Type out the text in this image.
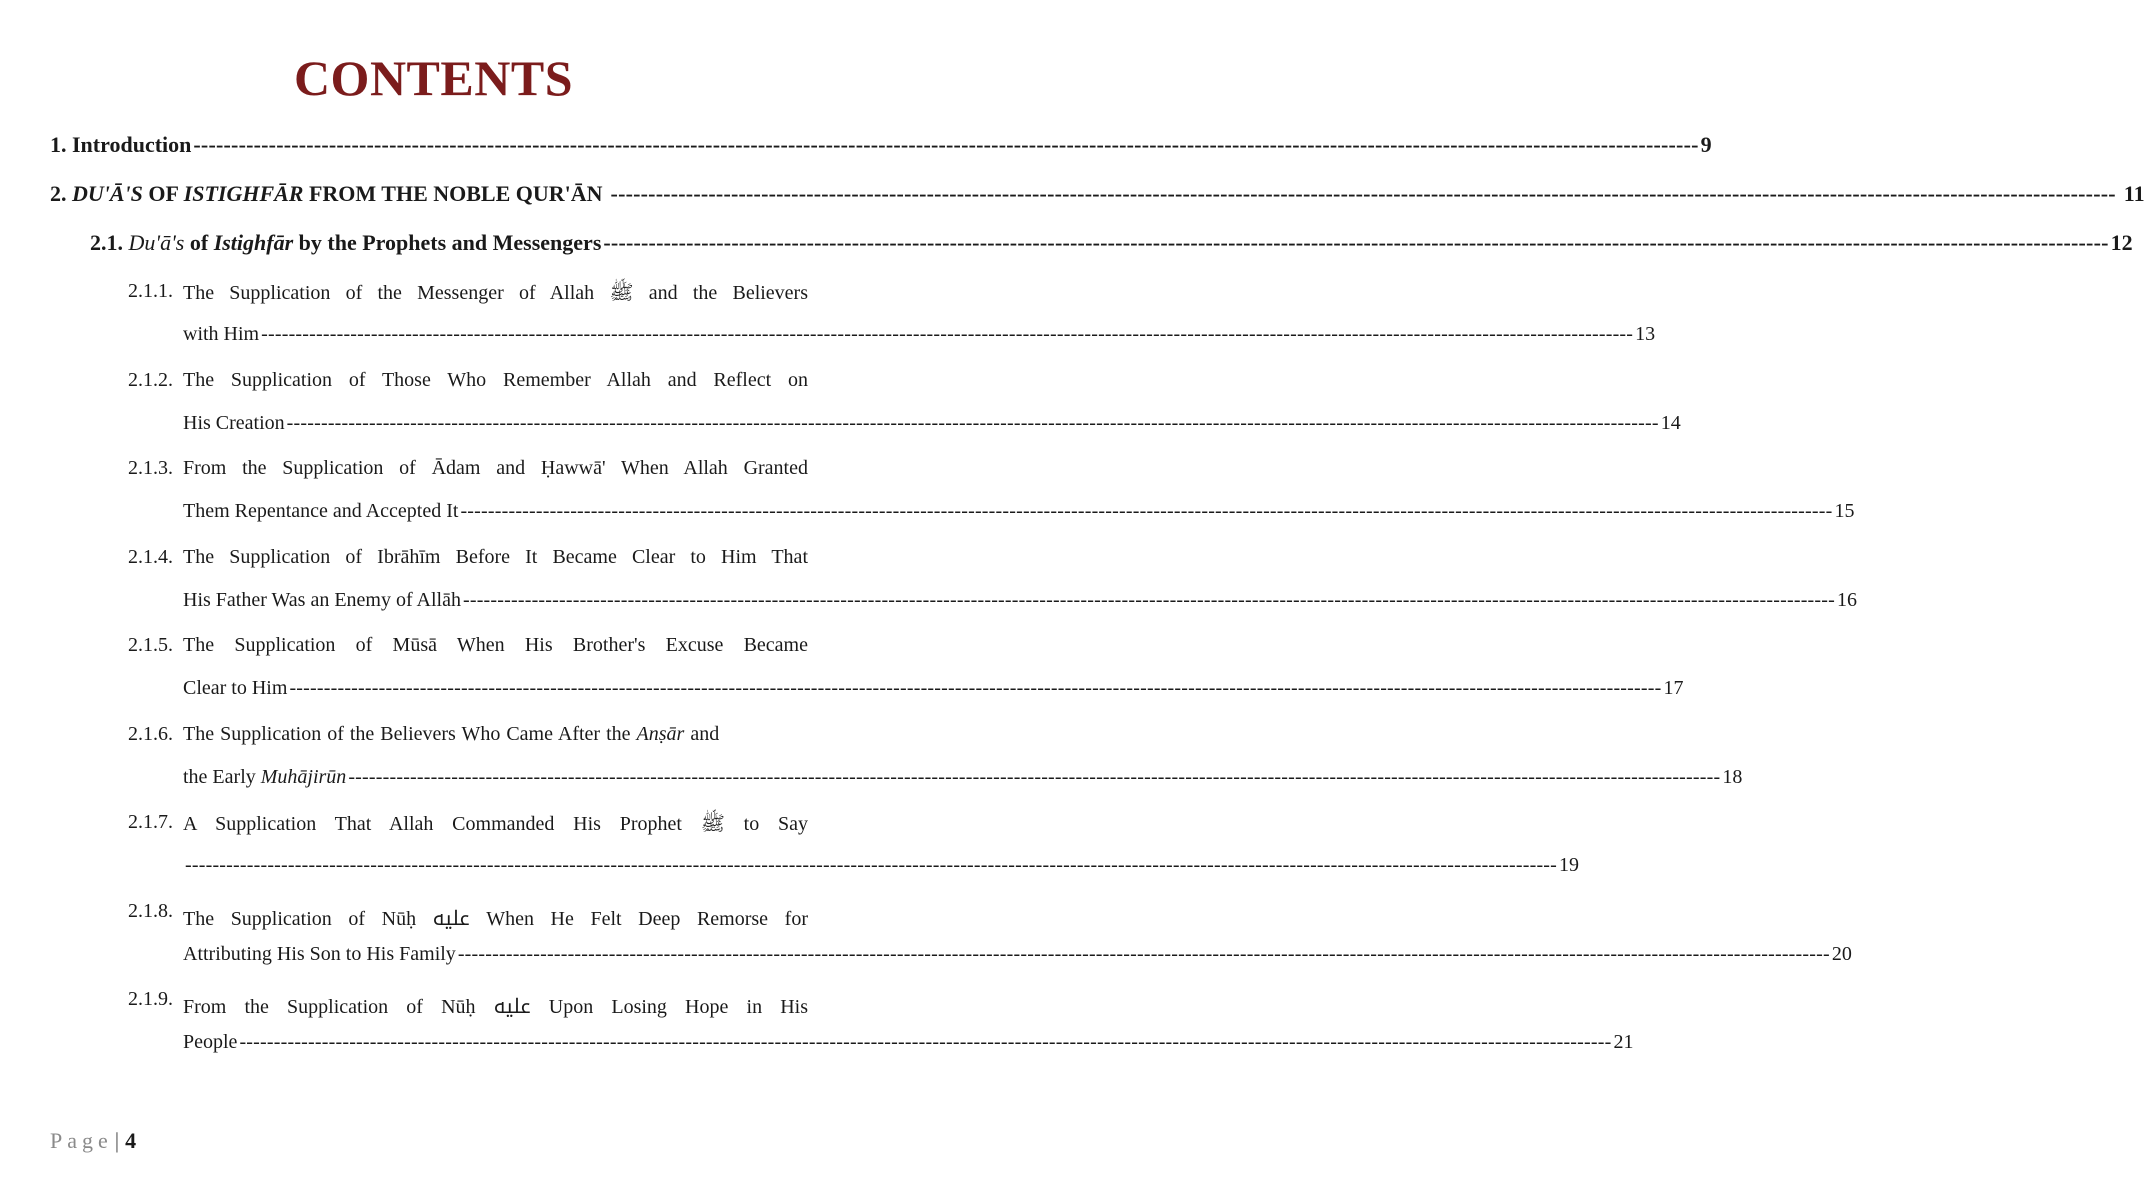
CONTENTS
1.
Introduction -------------------------------------------------------------------------------------------------------------------------------------------------------------------------------------------------------- 9
2.
DU'Ā'S OF ISTIGHFĀR FROM THE NOBLE QUR'ĀN -------------------------------------------------------------------------------------------------------------------------------------------------------------------------------------------------------- 11
2.1.
Du'ā's of Istighfār by the Prophets and Messengers -------------------------------------------------------------------------------------------------------------------------------------------------------------------------------------------------------- 12
2.1.1. The Supplication of the Messenger of Allah ﷺ and the Believers
with Him -------------------------------------------------------------------------------------------------------------------------------------------------------------------------------------------------------- 13
2.1.2. The Supplication of Those Who Remember Allah and Reflect on
His Creation -------------------------------------------------------------------------------------------------------------------------------------------------------------------------------------------------------- 14
2.1.3. From the Supplication of Ādam and Ḥawwā' When Allah Granted
Them Repentance and Accepted It -------------------------------------------------------------------------------------------------------------------------------------------------------------------------------------------------------- 15
2.1.4. The Supplication of Ibrāhīm Before It Became Clear to Him That
His Father Was an Enemy of Allāh -------------------------------------------------------------------------------------------------------------------------------------------------------------------------------------------------------- 16
2.1.5. The Supplication of Mūsā When His Brother's Excuse Became
Clear to Him -------------------------------------------------------------------------------------------------------------------------------------------------------------------------------------------------------- 17
2.1.6. The Supplication of the Believers Who Came After the Anṣār and
the Early Muhājirūn -------------------------------------------------------------------------------------------------------------------------------------------------------------------------------------------------------- 18
2.1.7. A Supplication That Allah Commanded His Prophet ﷺ to Say
-------------------------------------------------------------------------------------------------------------------------------------------------------------------------------------------------------- 19
2.1.8. The Supplication of Nūḥ ﷷ When He Felt Deep Remorse for
Attributing His Son to His Family -------------------------------------------------------------------------------------------------------------------------------------------------------------------------------------------------------- 20
2.1.9. From the Supplication of Nūḥ ﷷ Upon Losing Hope in His
People -------------------------------------------------------------------------------------------------------------------------------------------------------------------------------------------------------- 21
Page| 4
